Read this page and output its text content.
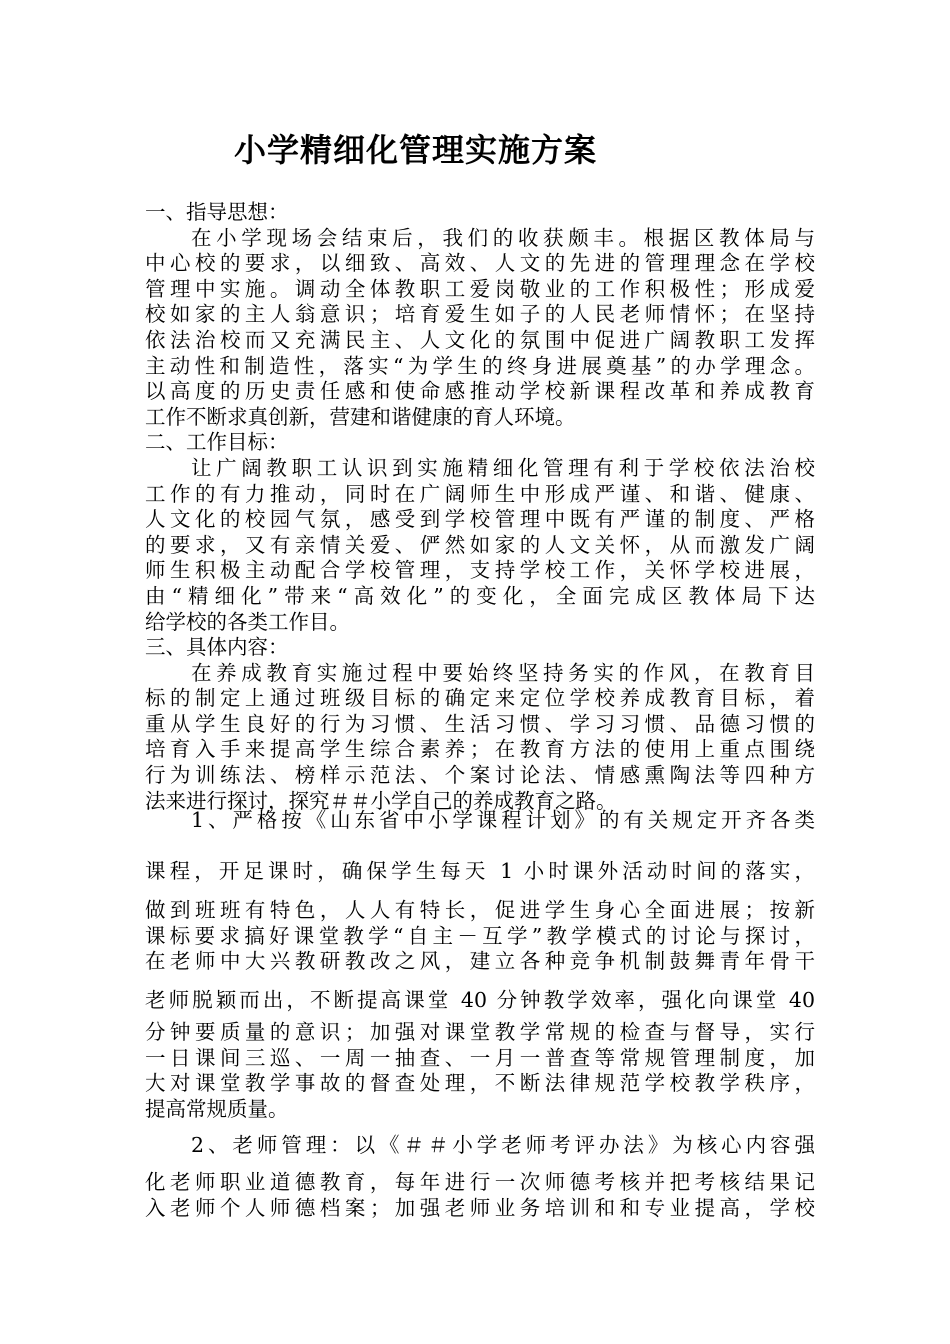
小学精细化管理实施方案
一、指导思想：
在小学现场会结束后，我们的收获颇丰。根据区教体局与
中心校的要求，以细致、高效、人文的先进的管理理念在学校
管理中实施。调动全体教职工爱岗敬业的工作积极性；形成爱
校如家的主人翁意识；培育爱生如子的人民老师情怀；在坚持
依法治校而又充满民主、人文化的氛围中促进广阔教职工发挥
主动性和制造性，落实“为学生的终身进展奠基”的办学理念。
以高度的历史责任感和使命感推动学校新课程改革和养成教育
工作不断求真创新，营建和谐健康的育人环境。
二、工作目标：
让广阔教职工认识到实施精细化管理有利于学校依法治校
工作的有力推动，同时在广阔师生中形成严谨、和谐、健康、
人文化的校园气氛，感受到学校管理中既有严谨的制度、严格
的要求，又有亲情关爱、俨然如家的人文关怀，从而激发广阔
师生积极主动配合学校管理，支持学校工作，关怀学校进展，
由“精细化”带来“高效化”的变化，全面完成区教体局下达
给学校的各类工作目。
三、具体内容：
在养成教育实施过程中要始终坚持务实的作风，在教育目
标的制定上通过班级目标的确定来定位学校养成教育目标，着
重从学生良好的行为习惯、生活习惯、学习习惯、品德习惯的
培育入手来提高学生综合素养；在教育方法的使用上重点围绕
行为训练法、榜样示范法、个案讨论法、情感熏陶法等四种方
法来进行探讨，探究＃＃小学自己的养成教育之路。
1、严格按《山东省中小学课程计划》的有关规定开齐各类
课程，开足课时，确保学生每天 1 小时课外活动时间的落实，
做到班班有特色，人人有特长，促进学生身心全面进展；按新
课标要求搞好课堂教学“自主－互学”教学模式的讨论与探讨，
在老师中大兴教研教改之风，建立各种竞争机制鼓舞青年骨干
老师脱颖而出，不断提高课堂 40 分钟教学效率，强化向课堂 40
分钟要质量的意识；加强对课堂教学常规的检查与督导，实行
一日课间三巡、一周一抽查、一月一普查等常规管理制度，加
大对课堂教学事故的督查处理，不断法律规范学校教学秩序，
提高常规质量。
2、老师管理：以《＃＃小学老师考评办法》为核心内容强
化老师职业道德教育，每年进行一次师德考核并把考核结果记
入老师个人师德档案；加强老师业务培训和和专业提高，学校
